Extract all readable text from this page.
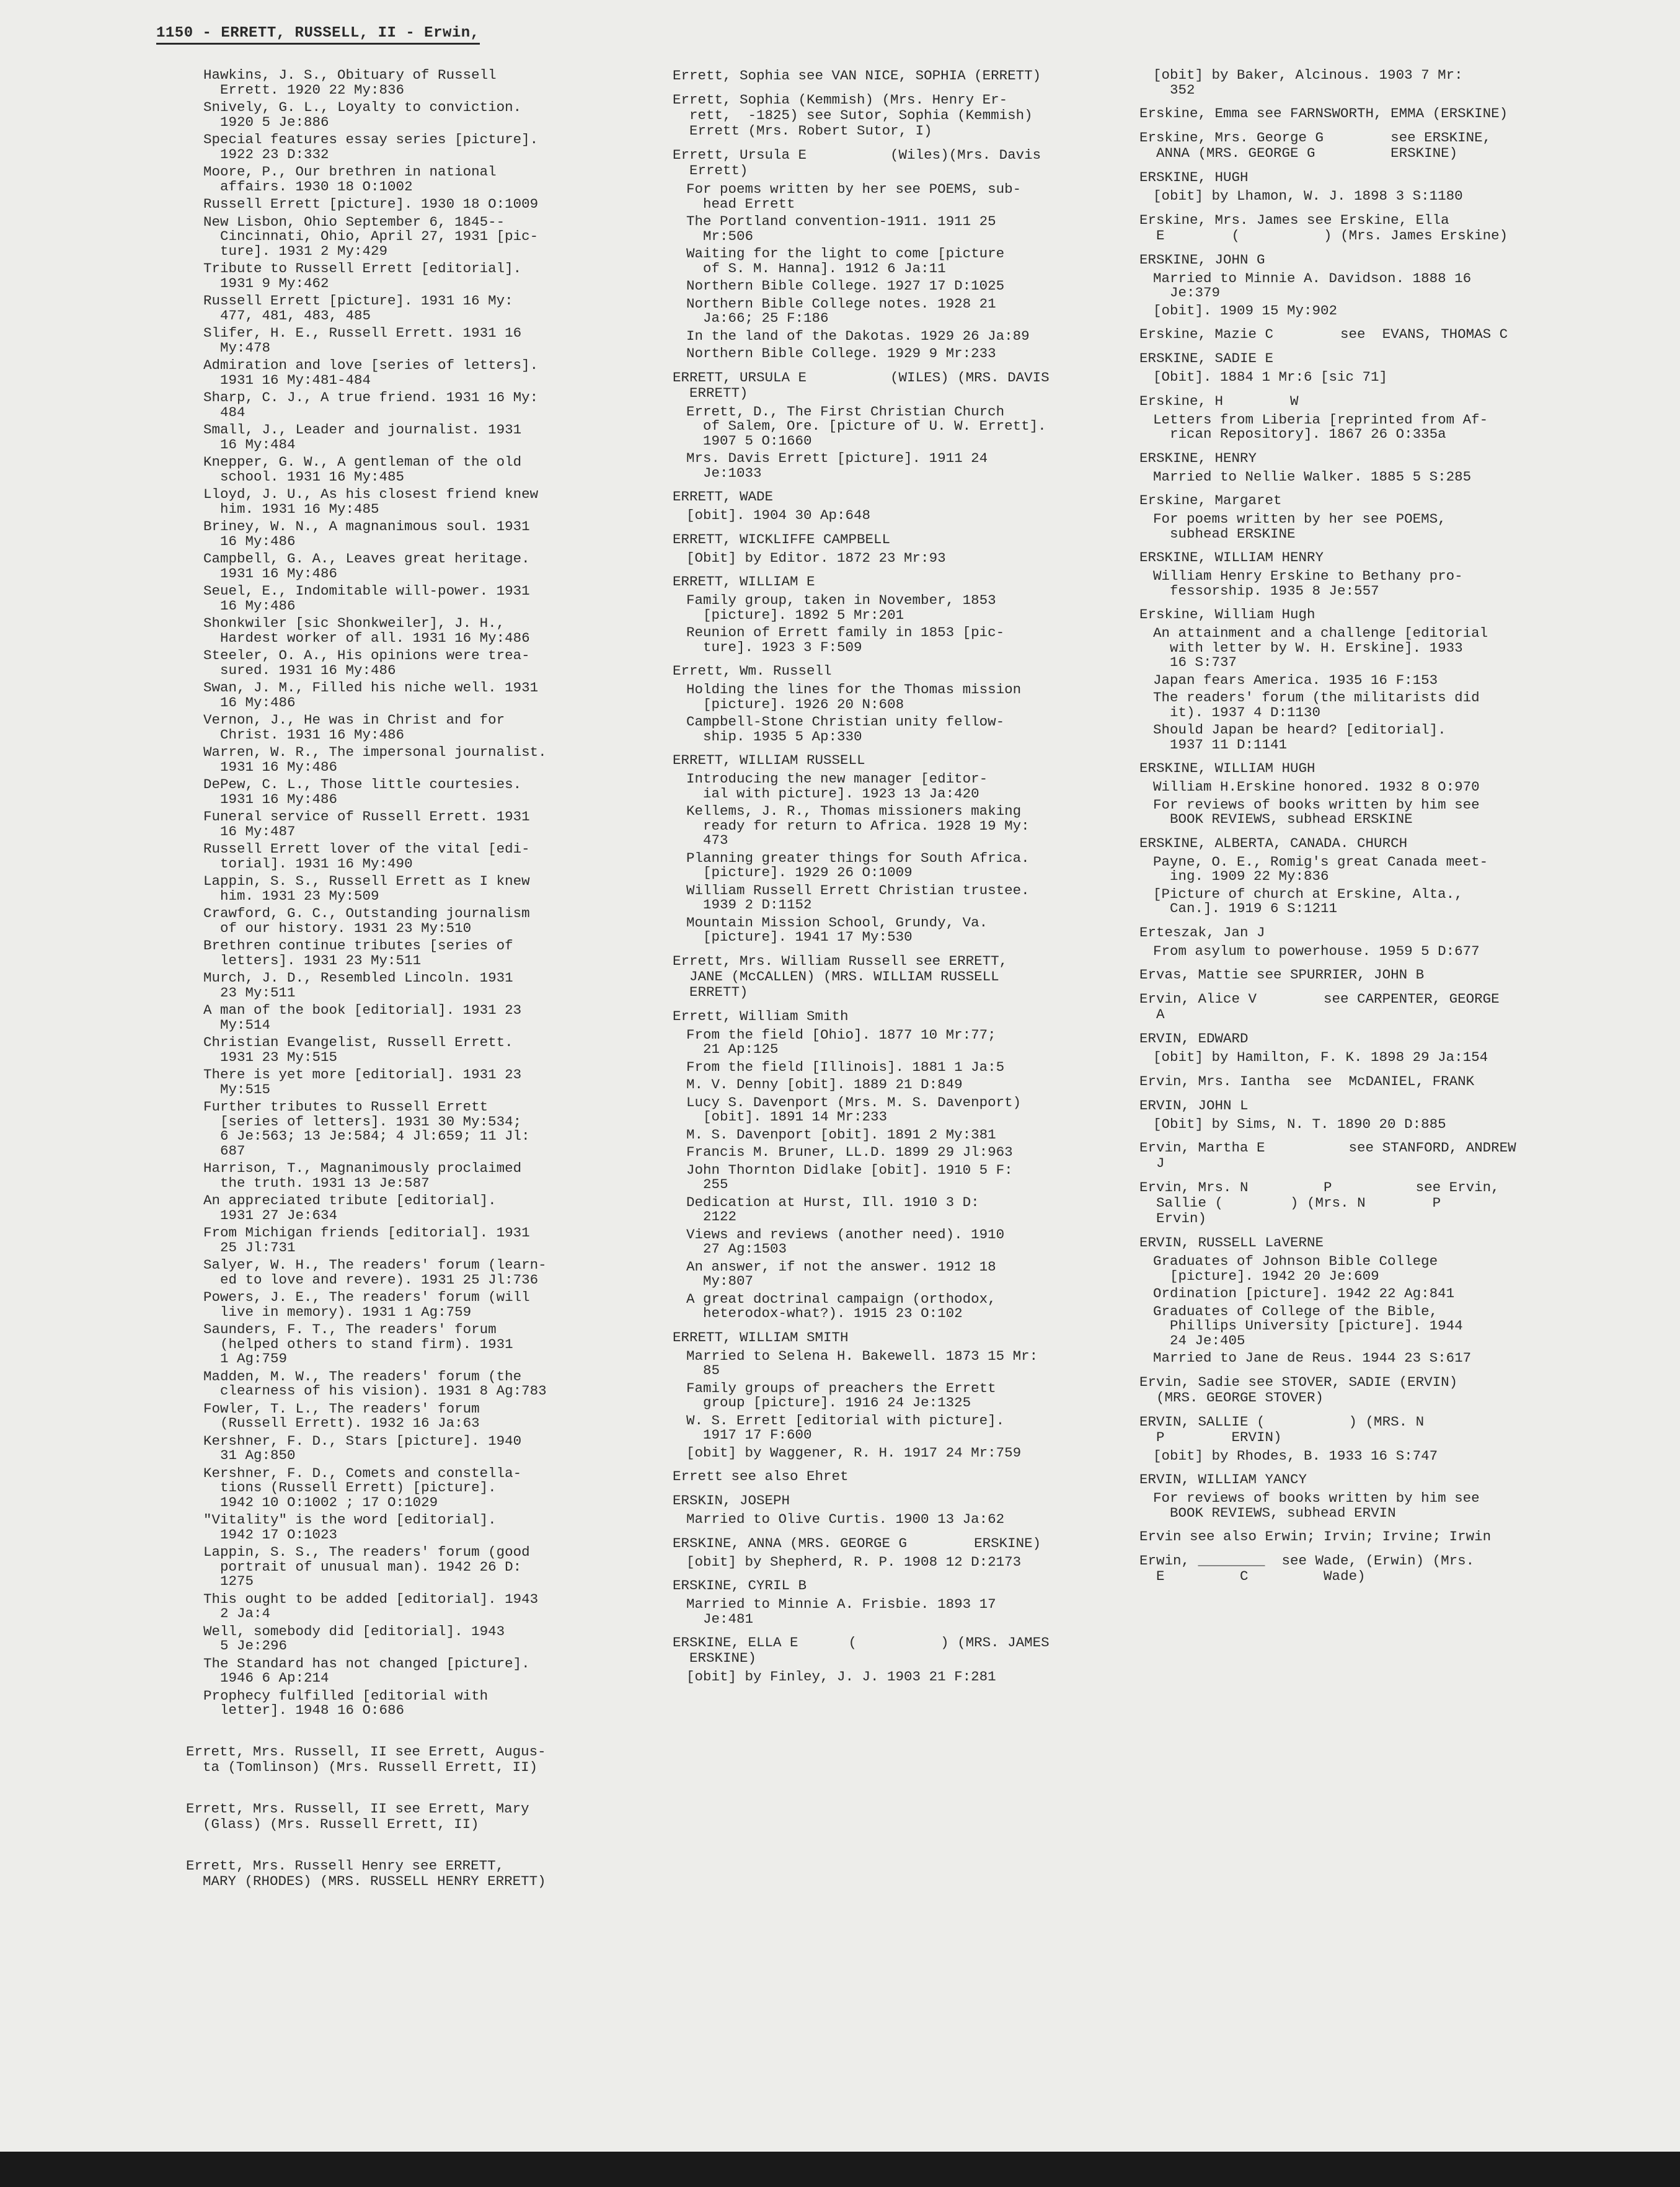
1150 - ERRETT, RUSSELL, II - Erwin,
Hawkins, J. S., Obituary of Russell
Errett. 1920 22 My:836
Snively, G. L., Loyalty to conviction.
1920 5 Je:886
Special features essay series [picture].
1922 23 D:332
Moore, P., Our brethren in national
affairs. 1930 18 O:1002
Russell Errett [picture]. 1930 18 O:1009
New Lisbon, Ohio September 6, 1845--
Cincinnati, Ohio, April 27, 1931 [pic-
ture]. 1931 2 My:429
Tribute to Russell Errett [editorial].
1931 9 My:462
Russell Errett [picture]. 1931 16 My:
477, 481, 483, 485
Slifer, H. E., Russell Errett. 1931 16
My:478
Admiration and love [series of letters].
1931 16 My:481-484
Sharp, C. J., A true friend. 1931 16 My:
484
Small, J., Leader and journalist. 1931
16 My:484
Knepper, G. W., A gentleman of the old
school. 1931 16 My:485
Lloyd, J. U., As his closest friend knew
him. 1931 16 My:485
Briney, W. N., A magnanimous soul. 1931
16 My:486
Campbell, G. A., Leaves great heritage.
1931 16 My:486
Seuel, E., Indomitable will-power. 1931
16 My:486
Shonkwiler [sic Shonkweiler], J. H.,
Hardest worker of all. 1931 16 My:486
Steeler, O. A., His opinions were trea-
sured. 1931 16 My:486
Swan, J. M., Filled his niche well. 1931
16 My:486
Vernon, J., He was in Christ and for
Christ. 1931 16 My:486
Warren, W. R., The impersonal journalist.
1931 16 My:486
DePew, C. L., Those little courtesies.
1931 16 My:486
Funeral service of Russell Errett. 1931
16 My:487
Russell Errett lover of the vital [edi-
torial]. 1931 16 My:490
Lappin, S. S., Russell Errett as I knew
him. 1931 23 My:509
Crawford, G. C., Outstanding journalism
of our history. 1931 23 My:510
Brethren continue tributes [series of
letters]. 1931 23 My:511
Murch, J. D., Resembled Lincoln. 1931
23 My:511
A man of the book [editorial]. 1931 23
My:514
Christian Evangelist, Russell Errett.
1931 23 My:515
There is yet more [editorial]. 1931 23
My:515
Further tributes to Russell Errett
[series of letters]. 1931 30 My:534;
6 Je:563; 13 Je:584; 4 Jl:659; 11 Jl:
687
Harrison, T., Magnanimously proclaimed
the truth. 1931 13 Je:587
An appreciated tribute [editorial].
1931 27 Je:634
From Michigan friends [editorial]. 1931
25 Jl:731
Salyer, W. H., The readers' forum (learn-
ed to love and revere). 1931 25 Jl:736
Powers, J. E., The readers' forum (will
live in memory). 1931 1 Ag:759
Saunders, F. T., The readers' forum
(helped others to stand firm). 1931
1 Ag:759
Madden, M. W., The readers' forum (the
clearness of his vision). 1931 8 Ag:783
Fowler, T. L., The readers' forum
(Russell Errett). 1932 16 Ja:63
Kershner, F. D., Stars [picture]. 1940
31 Ag:850
Kershner, F. D., Comets and constella-
tions (Russell Errett) [picture].
1942 10 O:1002 ; 17 O:1029
"Vitality" is the word [editorial].
1942 17 O:1023
Lappin, S. S., The readers' forum (good
portrait of unusual man). 1942 26 D:
1275
This ought to be added [editorial]. 1943
2 Ja:4
Well, somebody did [editorial]. 1943
5 Je:296
The Standard has not changed [picture].
1946 6 Ap:214
Prophecy fulfilled [editorial with
letter]. 1948 16 O:686
Errett, Mrs. Russell, II see Errett, Augus-
ta (Tomlinson) (Mrs. Russell Errett, II)
Errett, Mrs. Russell, II see Errett, Mary
(Glass) (Mrs. Russell Errett, II)
Errett, Mrs. Russell Henry see ERRETT,
MARY (RHODES) (MRS. RUSSELL HENRY ERRETT)
Errett, Sophia see VAN NICE, SOPHIA (ERRETT)
Errett, Sophia (Kemmish) (Mrs. Henry Er-
rett,  -1825) see Sutor, Sophia (Kemmish)
Errett (Mrs. Robert Sutor, I)
Errett, Ursula E          (Wiles)(Mrs. Davis
Errett)
For poems written by her see POEMS, sub-
head Errett
The Portland convention-1911. 1911 25
Mr:506
Waiting for the light to come [picture
of S. M. Hanna]. 1912 6 Ja:11
Northern Bible College. 1927 17 D:1025
Northern Bible College notes. 1928 21
Ja:66; 25 F:186
In the land of the Dakotas. 1929 26 Ja:89
Northern Bible College. 1929 9 Mr:233
ERRETT, URSULA E          (WILES) (MRS. DAVIS
ERRETT)
Errett, D., The First Christian Church
of Salem, Ore. [picture of U. W. Errett].
1907 5 O:1660
Mrs. Davis Errett [picture]. 1911 24
Je:1033
ERRETT, WADE
[obit]. 1904 30 Ap:648
ERRETT, WICKLIFFE CAMPBELL
[Obit] by Editor. 1872 23 Mr:93
ERRETT, WILLIAM E
Family group, taken in November, 1853
[picture]. 1892 5 Mr:201
Reunion of Errett family in 1853 [pic-
ture]. 1923 3 F:509
Errett, Wm. Russell
Holding the lines for the Thomas mission
[picture]. 1926 20 N:608
Campbell-Stone Christian unity fellow-
ship. 1935 5 Ap:330
ERRETT, WILLIAM RUSSELL
Introducing the new manager [editor-
ial with picture]. 1923 13 Ja:420
Kellems, J. R., Thomas missioners making
ready for return to Africa. 1928 19 My:
473
Planning greater things for South Africa.
[picture]. 1929 26 O:1009
William Russell Errett Christian trustee.
1939 2 D:1152
Mountain Mission School, Grundy, Va.
[picture]. 1941 17 My:530
Errett, Mrs. William Russell see ERRETT,
JANE (McCALLEN) (MRS. WILLIAM RUSSELL
ERRETT)
Errett, William Smith
From the field [Ohio]. 1877 10 Mr:77;
21 Ap:125
From the field [Illinois]. 1881 1 Ja:5
M. V. Denny [obit]. 1889 21 D:849
Lucy S. Davenport (Mrs. M. S. Davenport)
[obit]. 1891 14 Mr:233
M. S. Davenport [obit]. 1891 2 My:381
Francis M. Bruner, LL.D. 1899 29 Jl:963
John Thornton Didlake [obit]. 1910 5 F:
255
Dedication at Hurst, Ill. 1910 3 D:
2122
Views and reviews (another need). 1910
27 Ag:1503
An answer, if not the answer. 1912 18
My:807
A great doctrinal campaign (orthodox,
heterodox-what?). 1915 23 O:102
ERRETT, WILLIAM SMITH
Married to Selena H. Bakewell. 1873 15 Mr:
85
Family groups of preachers the Errett
group [picture]. 1916 24 Je:1325
W. S. Errett [editorial with picture].
1917 17 F:600
[obit] by Waggener, R. H. 1917 24 Mr:759
Errett see also Ehret
ERSKIN, JOSEPH
Married to Olive Curtis. 1900 13 Ja:62
ERSKINE, ANNA (MRS. GEORGE G        ERSKINE)
[obit] by Shepherd, R. P. 1908 12 D:2173
ERSKINE, CYRIL B
Married to Minnie A. Frisbie. 1893 17
Je:481
ERSKINE, ELLA E      (          ) (MRS. JAMES
ERSKINE)
[obit] by Finley, J. J. 1903 21 F:281
[obit] by Baker, Alcinous. 1903 7 Mr:
352
Erskine, Emma see FARNSWORTH, EMMA (ERSKINE)
Erskine, Mrs. George G        see ERSKINE,
ANNA (MRS. GEORGE G         ERSKINE)
ERSKINE, HUGH
[obit] by Lhamon, W. J. 1898 3 S:1180
Erskine, Mrs. James see Erskine, Ella
E        (          ) (Mrs. James Erskine)
ERSKINE, JOHN G
Married to Minnie A. Davidson. 1888 16
Je:379
[obit]. 1909 15 My:902
Erskine, Mazie C        see  EVANS, THOMAS C
ERSKINE, SADIE E
[Obit]. 1884 1 Mr:6 [sic 71]
Erskine, H        W
Letters from Liberia [reprinted from Af-
rican Repository]. 1867 26 O:335a
ERSKINE, HENRY
Married to Nellie Walker. 1885 5 S:285
Erskine, Margaret
For poems written by her see POEMS,
subhead ERSKINE
ERSKINE, WILLIAM HENRY
William Henry Erskine to Bethany pro-
fessorship. 1935 8 Je:557
Erskine, William Hugh
An attainment and a challenge [editorial
with letter by W. H. Erskine]. 1933
16 S:737
Japan fears America. 1935 16 F:153
The readers' forum (the militarists did
it). 1937 4 D:1130
Should Japan be heard? [editorial].
1937 11 D:1141
ERSKINE, WILLIAM HUGH
William H.Erskine honored. 1932 8 O:970
For reviews of books written by him see
BOOK REVIEWS, subhead ERSKINE
ERSKINE, ALBERTA, CANADA. CHURCH
Payne, O. E., Romig's great Canada meet-
ing. 1909 22 My:836
[Picture of church at Erskine, Alta.,
Can.]. 1919 6 S:1211
Erteszak, Jan J
From asylum to powerhouse. 1959 5 D:677
Ervas, Mattie see SPURRIER, JOHN B
Ervin, Alice V        see CARPENTER, GEORGE
A
ERVIN, EDWARD
[obit] by Hamilton, F. K. 1898 29 Ja:154
Ervin, Mrs. Iantha  see  McDANIEL, FRANK
ERVIN, JOHN L
[Obit] by Sims, N. T. 1890 20 D:885
Ervin, Martha E          see STANFORD, ANDREW
J
Ervin, Mrs. N         P          see Ervin,
Sallie (        ) (Mrs. N        P
Ervin)
ERVIN, RUSSELL LaVERNE
Graduates of Johnson Bible College
[picture]. 1942 20 Je:609
Ordination [picture]. 1942 22 Ag:841
Graduates of College of the Bible,
Phillips University [picture]. 1944
24 Je:405
Married to Jane de Reus. 1944 23 S:617
Ervin, Sadie see STOVER, SADIE (ERVIN)
(MRS. GEORGE STOVER)
ERVIN, SALLIE (          ) (MRS. N
P        ERVIN)
[obit] by Rhodes, B. 1933 16 S:747
ERVIN, WILLIAM YANCY
For reviews of books written by him see
BOOK REVIEWS, subhead ERVIN
Ervin see also Erwin; Irvin; Irvine; Irwin
Erwin, ________  see Wade, (Erwin) (Mrs.
E         C         Wade)
